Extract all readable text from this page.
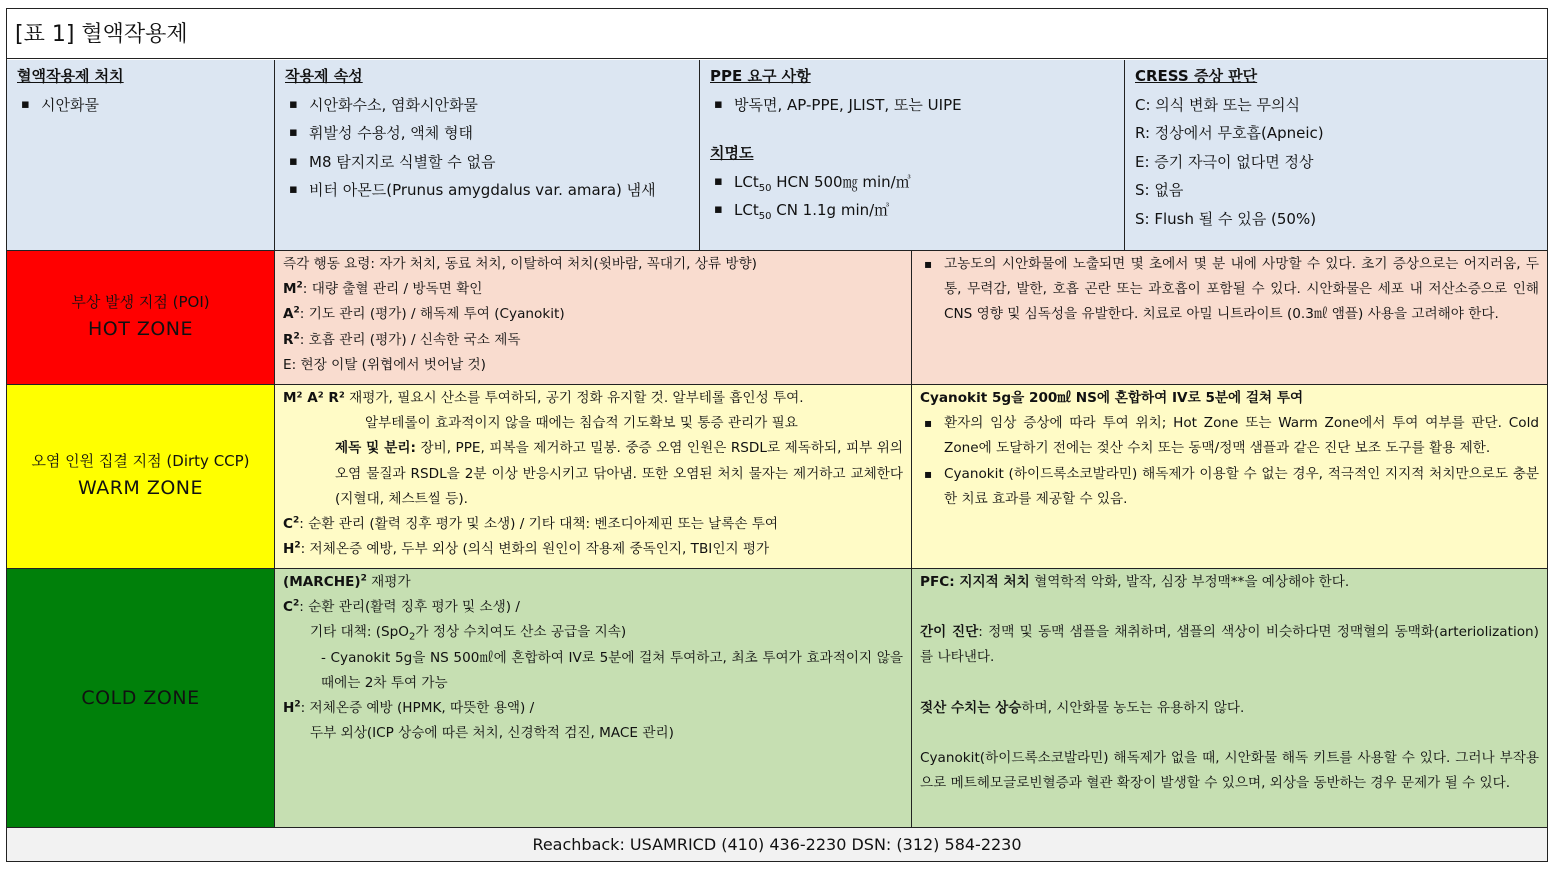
[표 1] 혈액작용제
혈액작용제 처치
▪ 시안화물
작용제 속성
▪ 시안화수소, 염화시안화물
▪ 휘발성 수용성, 액체 형태
▪ M8 탐지지로 식별할 수 없음
▪ 비터 아몬드(Prunus amygdalus var. amara) 냄새
PPE 요구 사항
▪ 방독면, AP-PPE, JLIST, 또는 UIPE
치명도
▪ LCt$_{50}$ HCN 500㎎ min/㎥
▪ LCt$_{50}$ CN 1.1g min/㎥
CRESS 증상 판단
C: 의식 변화 또는 무의식
R: 정상에서 무호흡(Apneic)
E: 증기 자극이 없다면 정상
S: 없음
S: Flush 될 수 있음 (50%)
부상 발생 지점 (POI)
HOT ZONE

즉각 행동 요령: 자가 처치, 동료 처치, 이탈하여 처치(윗바람, 꼭대기, 상류 방향)

$M^2$: 대량 출혈 관리 / 방독면 확인

$A^2$: 기도 관리 (평가) / 해독제 투여 (Cyanokit)

$R^2$: 호흡 관리 (평가) / 신속한 국소 제독

E: 현장 이탈 (위협에서 벗어날 것)

▪ 고농도의 시안화물에 노출되면 몇 초에서 몇 분 내에 사망할 수 있다. 초기 증상으로는 어지러움, 두통, 무력감, 발한, 호흡 곤란 또는 과호흡이 포함될 수 있다. 시안화물은 세포 내 저산소증으로 인해 CNS 영향 및 심독성을 유발한다. 치료로 아밀 니트라이트 (0.3㎖ 앰플) 사용을 고려해야 한다.

오염 인원 집결 지점 (Dirty CCP)
WARM ZONE

M² A² R² 재평가, 필요시 산소를 투여하되, 공기 정화 유지할 것. 알부테롤 흡인성 투여.

알부테롤이 효과적이지 않을 때에는 침습적 기도확보 및 통증 관리가 필요

제독 및 분리: 장비, PPE, 피복을 제거하고 밀봉. 중증 오염 인원은 RSDL로 제독하되, 피부 위의 오염 물질과 RSDL을 2분 이상 반응시키고 닦아냄. 또한 오염된 처치 물자는 제거하고 교체한다 (지혈대, 체스트씰 등).

$C^2$: 순환 관리 (활력 징후 평가 및 소생) / 기타 대책: 벤조디아제핀 또는 날록손 투여

$H^2$: 저체온증 예방, 두부 외상 (의식 변화의 원인이 작용제 중독인지, TBI인지 평가

Cyanokit 5g을 200㎖ NS에 혼합하여 IV로 5분에 걸쳐 투여

▪ 환자의 임상 증상에 따라 투여 위치; Hot Zone 또는 Warm Zone에서 투여 여부를 판단. Cold Zone에 도달하기 전에는 젖산 수치 또는 동맥/정맥 샘플과 같은 진단 보조 도구를 활용 제한.

▪ Cyanokit (하이드록소코발라민) 해독제가 이용할 수 없는 경우, 적극적인 지지적 처치만으로도 충분한 치료 효과를 제공할 수 있음.

COLD ZONE

(MARCHE)$^2$ 재평가

$C^2$: 순환 관리(활력 징후 평가 및 소생) /

기타 대책: (SpO$_2$가 정상 수치여도 산소 공급을 지속)

- Cyanokit 5g을 NS 500㎖에 혼합하여 IV로 5분에 걸쳐 투여하고, 최초 투여가 효과적이지 않을 때에는 2차 투여 가능

$H^2$: 저체온증 예방 (HPMK, 따뜻한 용액) /

두부 외상(ICP 상승에 따른 처치, 신경학적 검진, MACE 관리)

PFC: 지지적 처치 혈역학적 악화, 발작, 심장 부정맥**을 예상해야 한다.

간이 진단: 정맥 및 동맥 샘플을 채취하며, 샘플의 색상이 비슷하다면 정맥혈의 동맥화(arteriolization)를 나타낸다.

젖산 수치는 상승하며, 시안화물 농도는 유용하지 않다.

Cyanokit(하이드록소코발라민) 해독제가 없을 때, 시안화물 해독 키트를 사용할 수 있다. 그러나 부작용으로 메트헤모글로빈혈증과 혈관 확장이 발생할 수 있으며, 외상을 동반하는 경우 문제가 될 수 있다.

Reachback: USAMRICD (410) 436-2230 DSN: (312) 584-2230
